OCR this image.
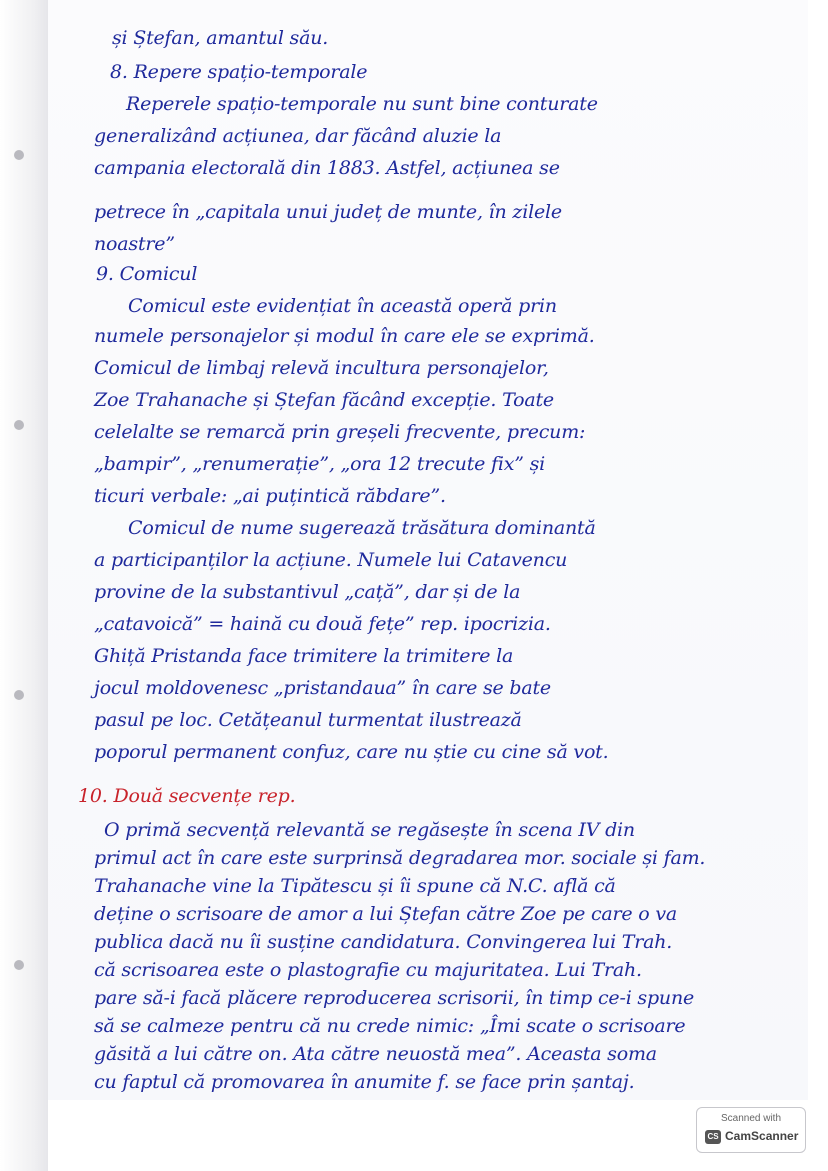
și Ștefan, amantul său.

8. Repere spațio-temporale

Reperele spațio-temporale nu sunt bine conturate

generalizând acțiunea, dar făcând aluzie la

campania electorală din 1883. Astfel, acțiunea se

petrece în „capitala unui județ de munte, în zilele

noastre”

9. Comicul

Comicul este evidențiat în această operă prin

numele personajelor și modul în care ele se exprimă.

Comicul de limbaj relevă incultura personajelor,

Zoe Trahanache și Ștefan făcând excepție. Toate

celelalte se remarcă prin greșeli frecvente, precum:

„bampir”, „renumerație”, „ora 12 trecute fix” și

ticuri verbale: „ai puțintică răbdare”.

Comicul de nume sugerează trăsătura dominantă

a participanților la acțiune. Numele lui Catavencu

provine de la substantivul „cață”, dar și de la

„catavoică” = haină cu două fețe” rep. ipocrizia.

Ghiță Pristanda face trimitere la trimitere la

jocul moldovenesc „pristandaua” în care se bate

pasul pe loc. Cetățeanul turmentat ilustrează

poporul permanent confuz, care nu știe cu cine să vot.

10. Două secvențe rep.

O primă secvență relevantă se regăsește în scena IV din

primul act în care este surprinsă degradarea mor. sociale și fam.

Trahanache vine la Tipătescu și îi spune că N.C. află că

deține o scrisoare de amor a lui Ștefan către Zoe pe care o va

publica dacă nu îi susține candidatura. Convingerea lui Trah.

că scrisoarea este o plastografie cu majuritatea. Lui Trah.

pare să-i facă plăcere reproducerea scrisorii, în timp ce-i spune

să se calmeze pentru că nu crede nimic: „Îmi scate o scrisoare

găsită a lui către on. Ata către neuostă mea”. Aceasta soma

cu faptul că promovarea în anumite f. se face prin șantaj.

Scanned with
CS CamScanner
